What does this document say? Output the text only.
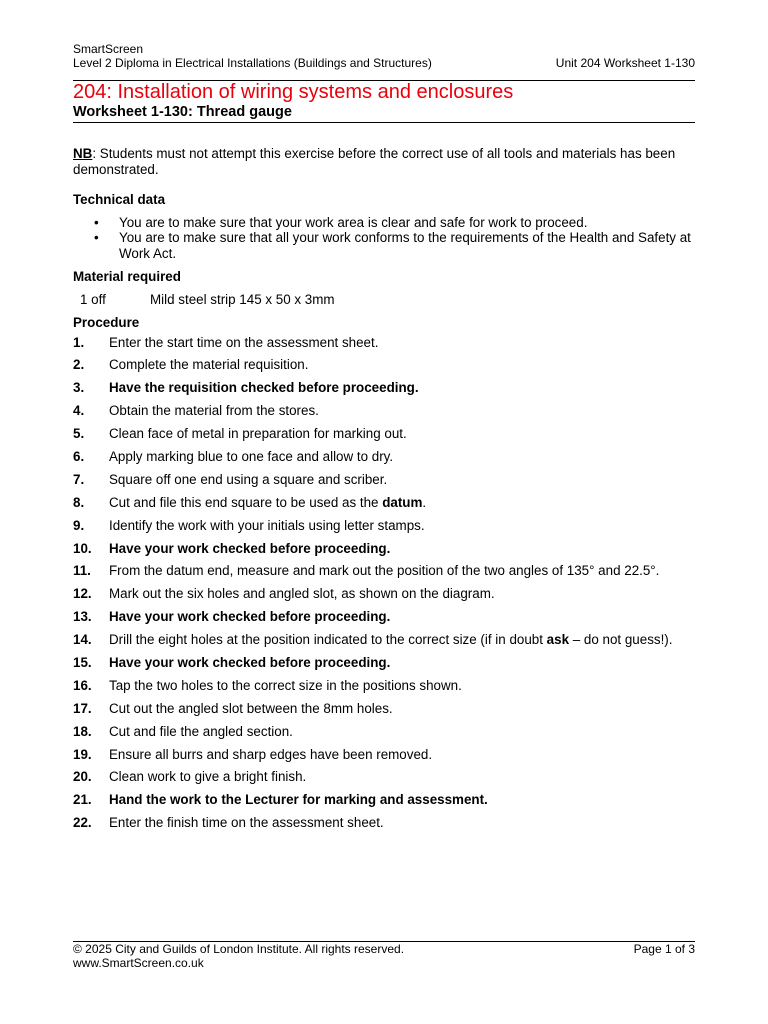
SmartScreen
Level 2 Diploma in Electrical Installations (Buildings and Structures)	Unit 204 Worksheet 1-130
204: Installation of wiring systems and enclosures
Worksheet 1-130: Thread gauge

NB: Students must not attempt this exercise before the correct use of all tools and materials has been demonstrated.

Technical data

• You are to make sure that your work area is clear and safe for work to proceed.
• You are to make sure that all your work conforms to the requirements of the Health and Safety at Work Act.

Material required

1 off	Mild steel strip 145 x 50 x 3mm

Procedure

1.	Enter the start time on the assessment sheet.
2.	Complete the material requisition.
3.	Have the requisition checked before proceeding.
4.	Obtain the material from the stores.
5.	Clean face of metal in preparation for marking out.
6.	Apply marking blue to one face and allow to dry.
7.	Square off one end using a square and scriber.
8.	Cut and file this end square to be used as the datum.
9.	Identify the work with your initials using letter stamps.
10.	Have your work checked before proceeding.
11.	From the datum end, measure and mark out the position of the two angles of 135° and 22.5°.
12.	Mark out the six holes and angled slot, as shown on the diagram.
13.	Have your work checked before proceeding.
14.	Drill the eight holes at the position indicated to the correct size (if in doubt ask – do not guess!).
15.	Have your work checked before proceeding.
16.	Tap the two holes to the correct size in the positions shown.
17.	Cut out the angled slot between the 8mm holes.
18.	Cut and file the angled section.
19.	Ensure all burrs and sharp edges have been removed.
20.	Clean work to give a bright finish.
21.	Hand the work to the Lecturer for marking and assessment.
22.	Enter the finish time on the assessment sheet.
© 2025 City and Guilds of London Institute. All rights reserved.	Page 1 of 3
www.SmartScreen.co.uk
